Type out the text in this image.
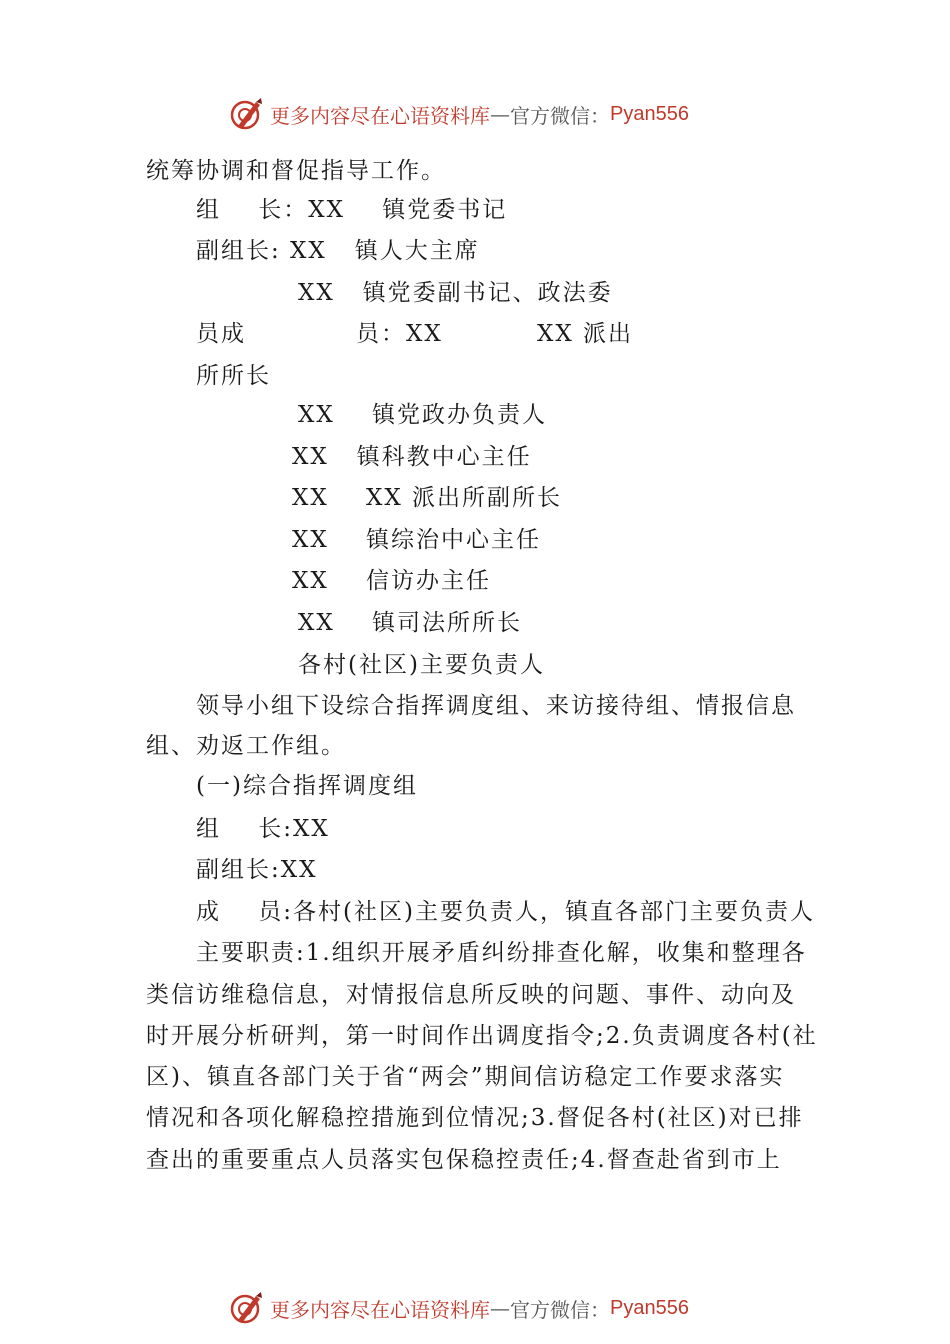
更多内容尽在心语资料库 — 官方微信： Pyan556
统筹协调和督促指导工作。
组    长：XX    镇党委书记
副组长: XX   镇人大主席
XX   镇党委副书记、政法委
员成	员：XX	XX 派出
所所长
XX    镇党政办负责人
XX   镇科教中心主任
XX    XX 派出所副所长
XX    镇综治中心主任
XX    信访办主任
XX    镇司法所所长
各村(社区)主要负责人
领导小组下设综合指挥调度组、来访接待组、情报信息
组、劝返工作组。
(一)综合指挥调度组
组    长:XX
副组长:XX
成    员:各村(社区)主要负责人，镇直各部门主要负责人
主要职责:1.组织开展矛盾纠纷排查化解，收集和整理各
类信访维稳信息，对情报信息所反映的问题、事件、动向及
时开展分析研判，第一时间作出调度指令;2.负责调度各村(社
区)、镇直各部门关于省“两会”期间信访稳定工作要求落实
情况和各项化解稳控措施到位情况;3.督促各村(社区)对已排
查出的重要重点人员落实包保稳控责任;4.督查赴省到市上
更多内容尽在心语资料库 — 官方微信： Pyan556
